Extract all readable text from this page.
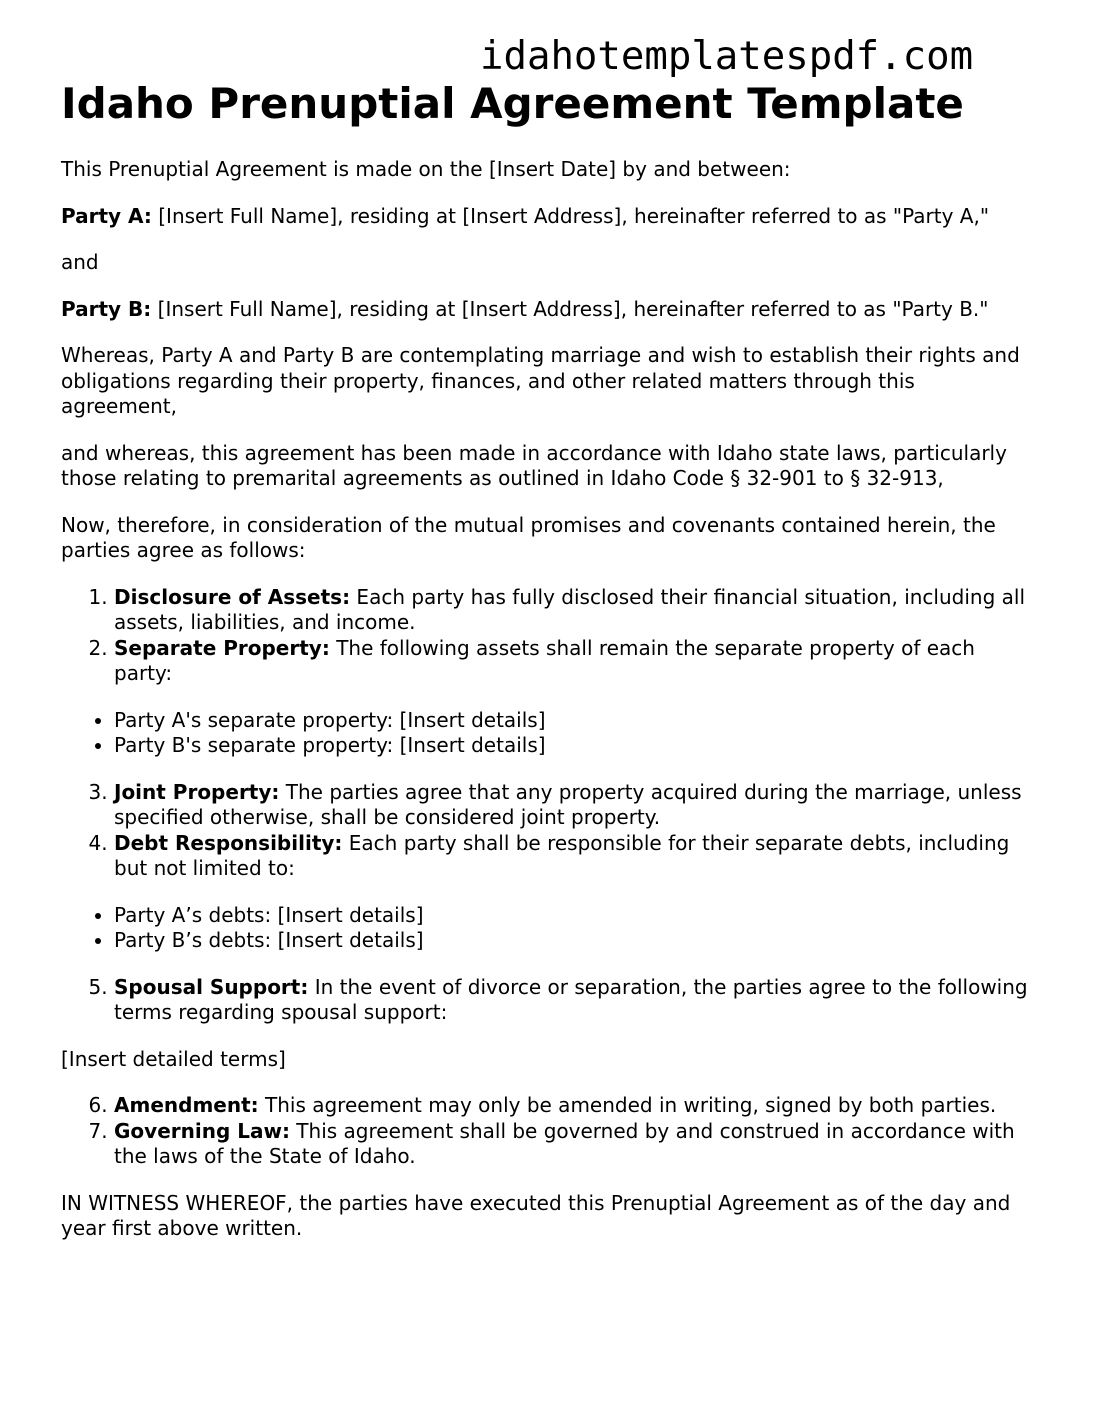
idahotemplatespdf.com
Idaho Prenuptial Agreement Template

This Prenuptial Agreement is made on the [Insert Date] by and between:

Party A: [Insert Full Name], residing at [Insert Address], hereinafter referred to as "Party A,"

and

Party B: [Insert Full Name], residing at [Insert Address], hereinafter referred to as "Party B."

Whereas, Party A and Party B are contemplating marriage and wish to establish their rights and obligations regarding their property, finances, and other related matters through this agreement,

and whereas, this agreement has been made in accordance with Idaho state laws, particularly those relating to premarital agreements as outlined in Idaho Code § 32-901 to § 32-913,

Now, therefore, in consideration of the mutual promises and covenants contained herein, the parties agree as follows:

1. Disclosure of Assets: Each party has fully disclosed their financial situation, including all assets, liabilities, and income.
2. Separate Property: The following assets shall remain the separate property of each party:
• Party A's separate property: [Insert details]
• Party B's separate property: [Insert details]
3. Joint Property: The parties agree that any property acquired during the marriage, unless specified otherwise, shall be considered joint property.
4. Debt Responsibility: Each party shall be responsible for their separate debts, including but not limited to:
• Party A’s debts: [Insert details]
• Party B’s debts: [Insert details]
5. Spousal Support: In the event of divorce or separation, the parties agree to the following terms regarding spousal support:

[Insert detailed terms]

6. Amendment: This agreement may only be amended in writing, signed by both parties.
7. Governing Law: This agreement shall be governed by and construed in accordance with the laws of the State of Idaho.

IN WITNESS WHEREOF, the parties have executed this Prenuptial Agreement as of the day and year first above written.
